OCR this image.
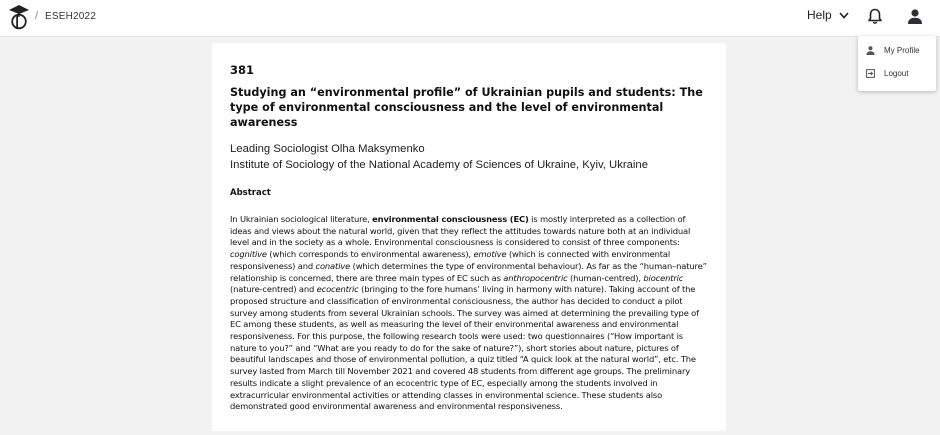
/ ESEH2022	Help
381
Studying an “environmental profile” of Ukrainian pupils and students: The type of environmental consciousness and the level of environmental awareness
Leading Sociologist Olha Maksymenko
Institute of Sociology of the National Academy of Sciences of Ukraine, Kyiv, Ukraine
Abstract

In Ukrainian sociological literature, environmental consciousness (EC) is mostly interpreted as a collection of ideas and views about the natural world, given that they reflect the attitudes towards nature both at an individual level and in the society as a whole. Environmental consciousness is considered to consist of three components: cognitive (which corresponds to environmental awareness), emotive (which is connected with environmental responsiveness) and conative (which determines the type of environmental behaviour). As far as the “human–nature” relationship is concerned, there are three main types of EC such as anthropocentric (human-centred), biocentric (nature-centred) and ecocentric (bringing to the fore humans’ living in harmony with nature). Taking account of the proposed structure and classification of environmental consciousness, the author has decided to conduct a pilot survey among students from several Ukrainian schools. The survey was aimed at determining the prevailing type of EC among these students, as well as measuring the level of their environmental awareness and environmental responsiveness. For this purpose, the following research tools were used: two questionnaires (“How important is nature to you?” and “What are you ready to do for the sake of nature?”), short stories about nature, pictures of beautiful landscapes and those of environmental pollution, a quiz titled “A quick look at the natural world”, etc. The survey lasted from March till November 2021 and covered 48 students from different age groups. The preliminary results indicate a slight prevalence of an ecocentric type of EC, especially among the students involved in extracurricular environmental activities or attending classes in environmental science. These students also demonstrated good environmental awareness and environmental responsiveness.

My Profile
Logout
